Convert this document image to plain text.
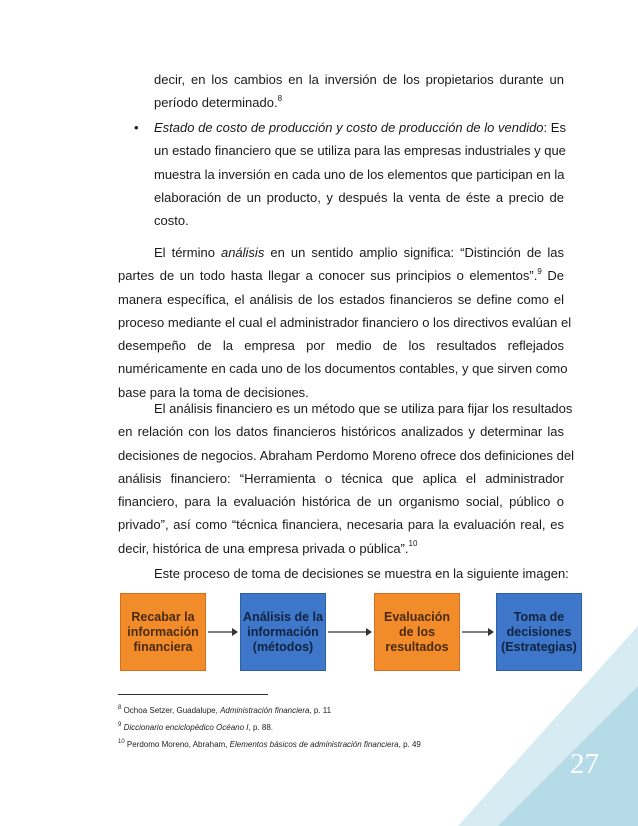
decir, en los cambios en la inversión de los propietarios durante un
período determinado.$^8$
• Estado de costo de producción y costo de producción de lo vendido: Es
un estado financiero que se utiliza para las empresas industriales y que
muestra la inversión en cada uno de los elementos que participan en la
elaboración de un producto, y después la venta de éste a precio de
costo.
El término análisis en un sentido amplio significa: “Distinción de las
partes de un todo hasta llegar a conocer sus principios o elementos”.$^9$ De
manera específica, el análisis de los estados financieros se define como el
proceso mediante el cual el administrador financiero o los directivos evalúan el
desempeño de la empresa por medio de los resultados reflejados
numéricamente en cada uno de los documentos contables, y que sirven como
base para la toma de decisiones.
El análisis financiero es un método que se utiliza para fijar los resultados
en relación con los datos financieros históricos analizados y determinar las
decisiones de negocios. Abraham Perdomo Moreno ofrece dos definiciones del
análisis financiero: “Herramienta o técnica que aplica el administrador
financiero, para la evaluación histórica de un organismo social, público o
privado”, así como “técnica financiera, necesaria para la evaluación real, es
decir, histórica de una empresa privada o pública”.$^{10}$
Este proceso de toma de decisiones se muestra en la siguiente imagen:
Recabar la
información
financiera
Análisis de la
información
(métodos)
Evaluación
de los
resultados
Toma de
decisiones
(Estrategias)
$^8$ Ochoa Setzer, Guadalupe, Administración financiera, p. 11
$^9$ Diccionario enciclopédico Océano I, p. 88.
$^{10}$ Perdomo Moreno, Abraham, Elementos básicos de administración financiera, p. 49
27
